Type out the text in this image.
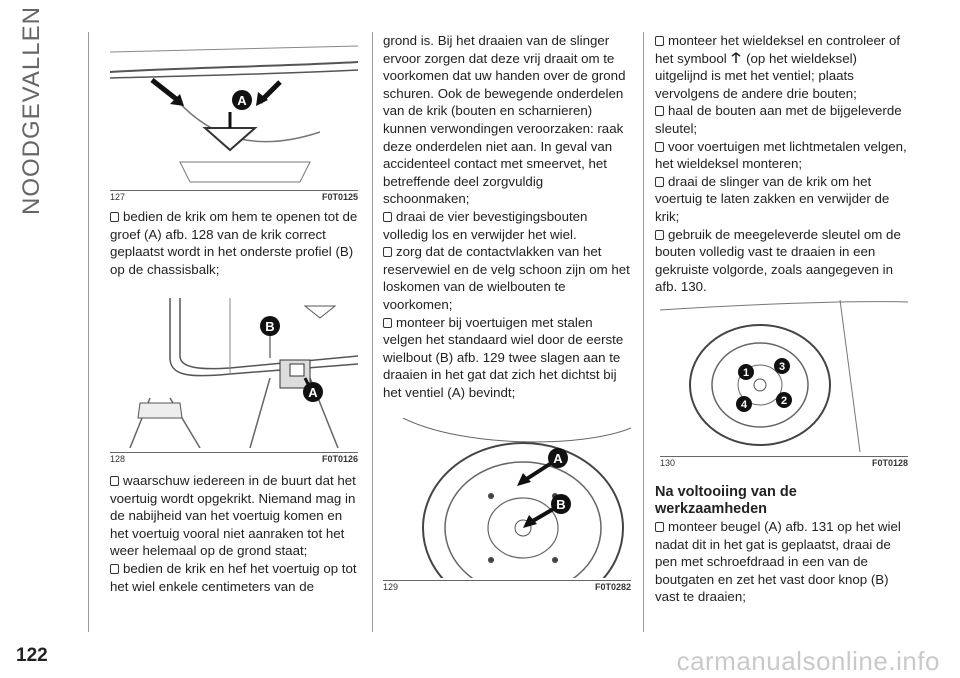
NOODGEVALLEN	A
127	F0T0125

bedien de krik om hem te openen tot de groef (A) afb. 128 van de krik correct geplaatst wordt in het onderste profiel (B) op de chassisbalk;

B
A
128	F0T0126

waarschuw iedereen in de buurt dat het voertuig wordt opgekrikt. Niemand mag in de nabijheid van het voertuig komen en het voertuig vooral niet aanraken tot het weer helemaal op de grond staat;

bedien de krik en hef het voertuig op tot het wiel enkele centimeters van de

grond is. Bij het draaien van de slinger ervoor zorgen dat deze vrij draait om te voorkomen dat uw handen over de grond schuren. Ook de bewegende onderdelen van de krik (bouten en scharnieren) kunnen verwondingen veroorzaken: raak deze onderdelen niet aan. In geval van accidenteel contact met smeervet, het betreffende deel zorgvuldig schoonmaken;

draai de vier bevestigingsbouten volledig los en verwijder het wiel.

zorg dat de contactvlakken van het reservewiel en de velg schoon zijn om het loskomen van de wielbouten te voorkomen;

monteer bij voertuigen met stalen velgen het standaard wiel door de eerste wielbout (B) afb. 129 twee slagen aan te draaien in het gat dat zich het dichtst bij het ventiel (A) bevindt;

A
B
129	F0T0282

monteer het wieldeksel en controleer of het symbool (op het wieldeksel) uitgelijnd is met het ventiel; plaats vervolgens de andere drie bouten;

haal de bouten aan met de bijgeleverde sleutel;

voor voertuigen met lichtmetalen velgen, het wieldeksel monteren;

draai de slinger van de krik om het voertuig te laten zakken en verwijder de krik;

gebruik de meegeleverde sleutel om de bouten volledig vast te draaien in een gekruiste volgorde, zoals aangegeven in afb. 130.

1	3
2
4
130	F0T0128

Na voltooiing van de werkzaamheden

monteer beugel (A) afb. 131 op het wiel nadat dit in het gat is geplaatst, draai de pen met schroefdraad in een van de boutgaten en zet het vast door knop (B) vast te draaien;

122	carmanualsonline.info
